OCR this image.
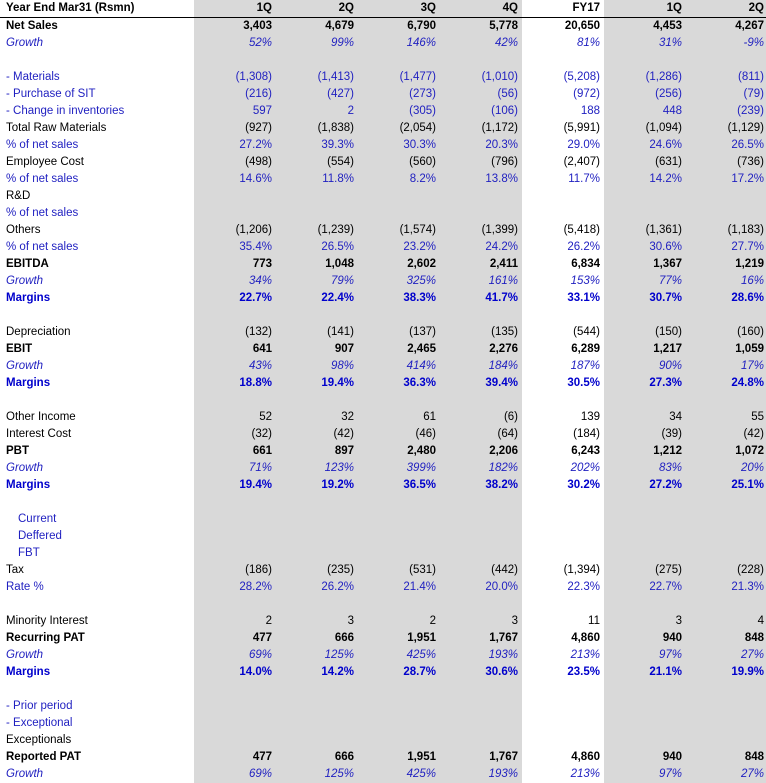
Year End Mar31 (Rsmn)	1Q	2Q	3Q	4Q	FY17	1Q	2Q
Net Sales	3,403	4,679	6,790	5,778	20,650	4,453	4,267
Growth	52%	99%	146%	42%	81%	31%	-9%

- Materials	(1,308)	(1,413)	(1,477)	(1,010)	(5,208)	(1,286)	(811)
- Purchase of SIT	(216)	(427)	(273)	(56)	(972)	(256)	(79)
- Change in inventories	597	2	(305)	(106)	188	448	(239)
Total Raw Materials	(927)	(1,838)	(2,054)	(1,172)	(5,991)	(1,094)	(1,129)
% of net sales	27.2%	39.3%	30.3%	20.3%	29.0%	24.6%	26.5%
Employee Cost	(498)	(554)	(560)	(796)	(2,407)	(631)	(736)
% of net sales	14.6%	11.8%	8.2%	13.8%	11.7%	14.2%	17.2%
R&D							
% of net sales							
Others	(1,206)	(1,239)	(1,574)	(1,399)	(5,418)	(1,361)	(1,183)
% of net sales	35.4%	26.5%	23.2%	24.2%	26.2%	30.6%	27.7%
EBITDA	773	1,048	2,602	2,411	6,834	1,367	1,219
Growth	34%	79%	325%	161%	153%	77%	16%
Margins	22.7%	22.4%	38.3%	41.7%	33.1%	30.7%	28.6%

Depreciation	(132)	(141)	(137)	(135)	(544)	(150)	(160)
EBIT	641	907	2,465	2,276	6,289	1,217	1,059
Growth	43%	98%	414%	184%	187%	90%	17%
Margins	18.8%	19.4%	36.3%	39.4%	30.5%	27.3%	24.8%

Other Income	52	32	61	(6)	139	34	55
Interest Cost	(32)	(42)	(46)	(64)	(184)	(39)	(42)
PBT	661	897	2,480	2,206	6,243	1,212	1,072
Growth	71%	123%	399%	182%	202%	83%	20%
Margins	19.4%	19.2%	36.5%	38.2%	30.2%	27.2%	25.1%

Current							
Deffered							
FBT							
Tax	(186)	(235)	(531)	(442)	(1,394)	(275)	(228)
Rate %	28.2%	26.2%	21.4%	20.0%	22.3%	22.7%	21.3%

Minority Interest	2	3	2	3	11	3	4
Recurring PAT	477	666	1,951	1,767	4,860	940	848
Growth	69%	125%	425%	193%	213%	97%	27%
Margins	14.0%	14.2%	28.7%	30.6%	23.5%	21.1%	19.9%

- Prior period							
- Exceptional							
Exceptionals							
Reported PAT	477	666	1,951	1,767	4,860	940	848
Growth	69%	125%	425%	193%	213%	97%	27%
